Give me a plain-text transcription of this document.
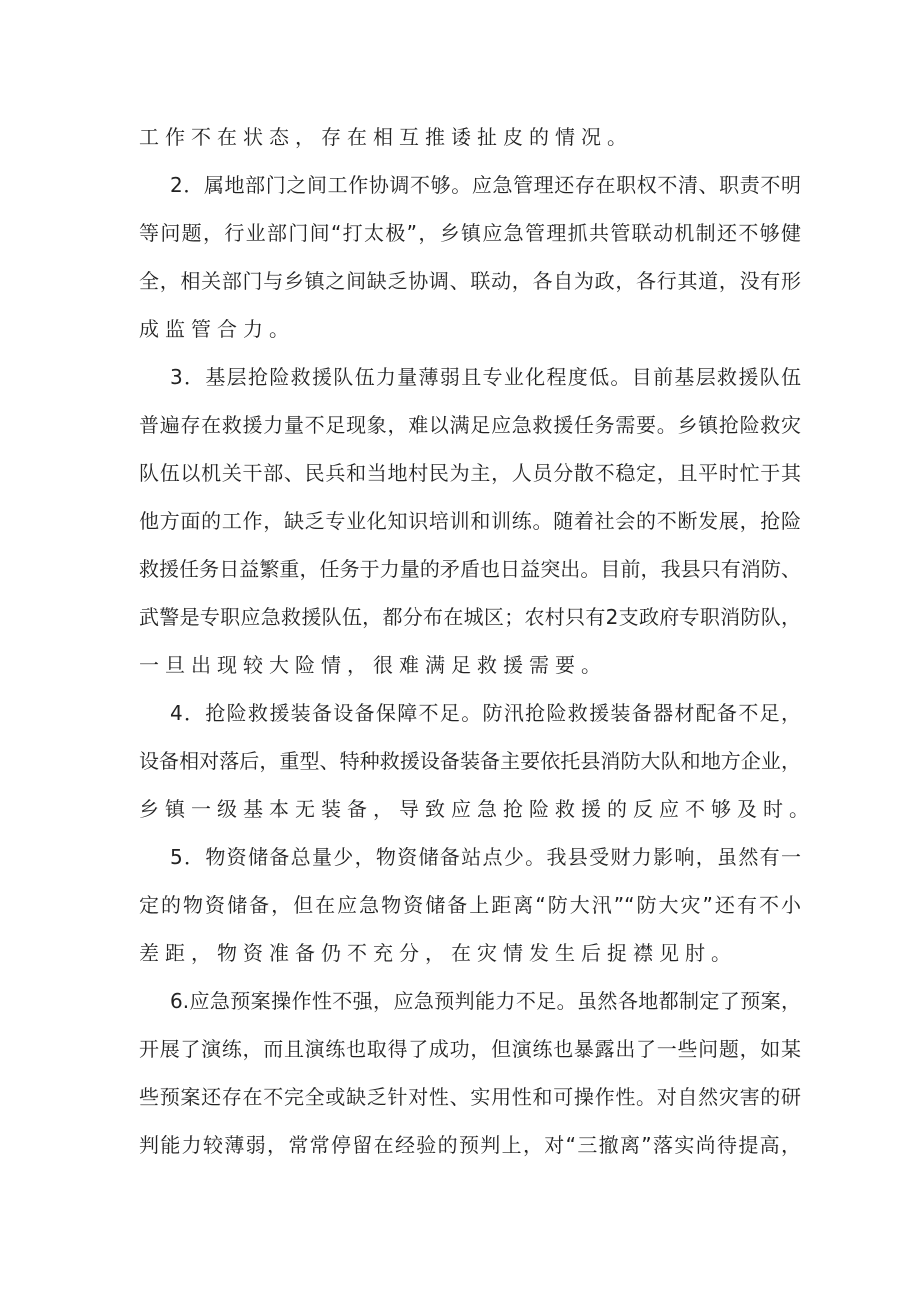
工作不在状态，存在相互推诿扯皮的情况。
2．属地部门之间工作协调不够。应急管理还存在职权不清、职责不明
等问题，行业部门间“打太极”，乡镇应急管理抓共管联动机制还不够健
全，相关部门与乡镇之间缺乏协调、联动，各自为政，各行其道，没有形
成监管合力。
3．基层抢险救援队伍力量薄弱且专业化程度低。目前基层救援队伍
普遍存在救援力量不足现象，难以满足应急救援任务需要。乡镇抢险救灾
队伍以机关干部、民兵和当地村民为主，人员分散不稳定，且平时忙于其
他方面的工作，缺乏专业化知识培训和训练。随着社会的不断发展，抢险
救援任务日益繁重，任务于力量的矛盾也日益突出。目前，我县只有消防、
武警是专职应急救援队伍，都分布在城区；农村只有2支政府专职消防队，
一旦出现较大险情，很难满足救援需要。
4．抢险救援装备设备保障不足。防汛抢险救援装备器材配备不足，
设备相对落后，重型、特种救援设备装备主要依托县消防大队和地方企业，
乡镇一级基本无装备，导致应急抢险救援的反应不够及时。
5．物资储备总量少，物资储备站点少。我县受财力影响，虽然有一
定的物资储备，但在应急物资储备上距离“防大汛”“防大灾”还有不小
差距，物资准备仍不充分，在灾情发生后捉襟见肘。
6.应急预案操作性不强，应急预判能力不足。虽然各地都制定了预案，
开展了演练，而且演练也取得了成功，但演练也暴露出了一些问题，如某
些预案还存在不完全或缺乏针对性、实用性和可操作性。对自然灾害的研
判能力较薄弱，常常停留在经验的预判上，对“三撤离”落实尚待提高，
